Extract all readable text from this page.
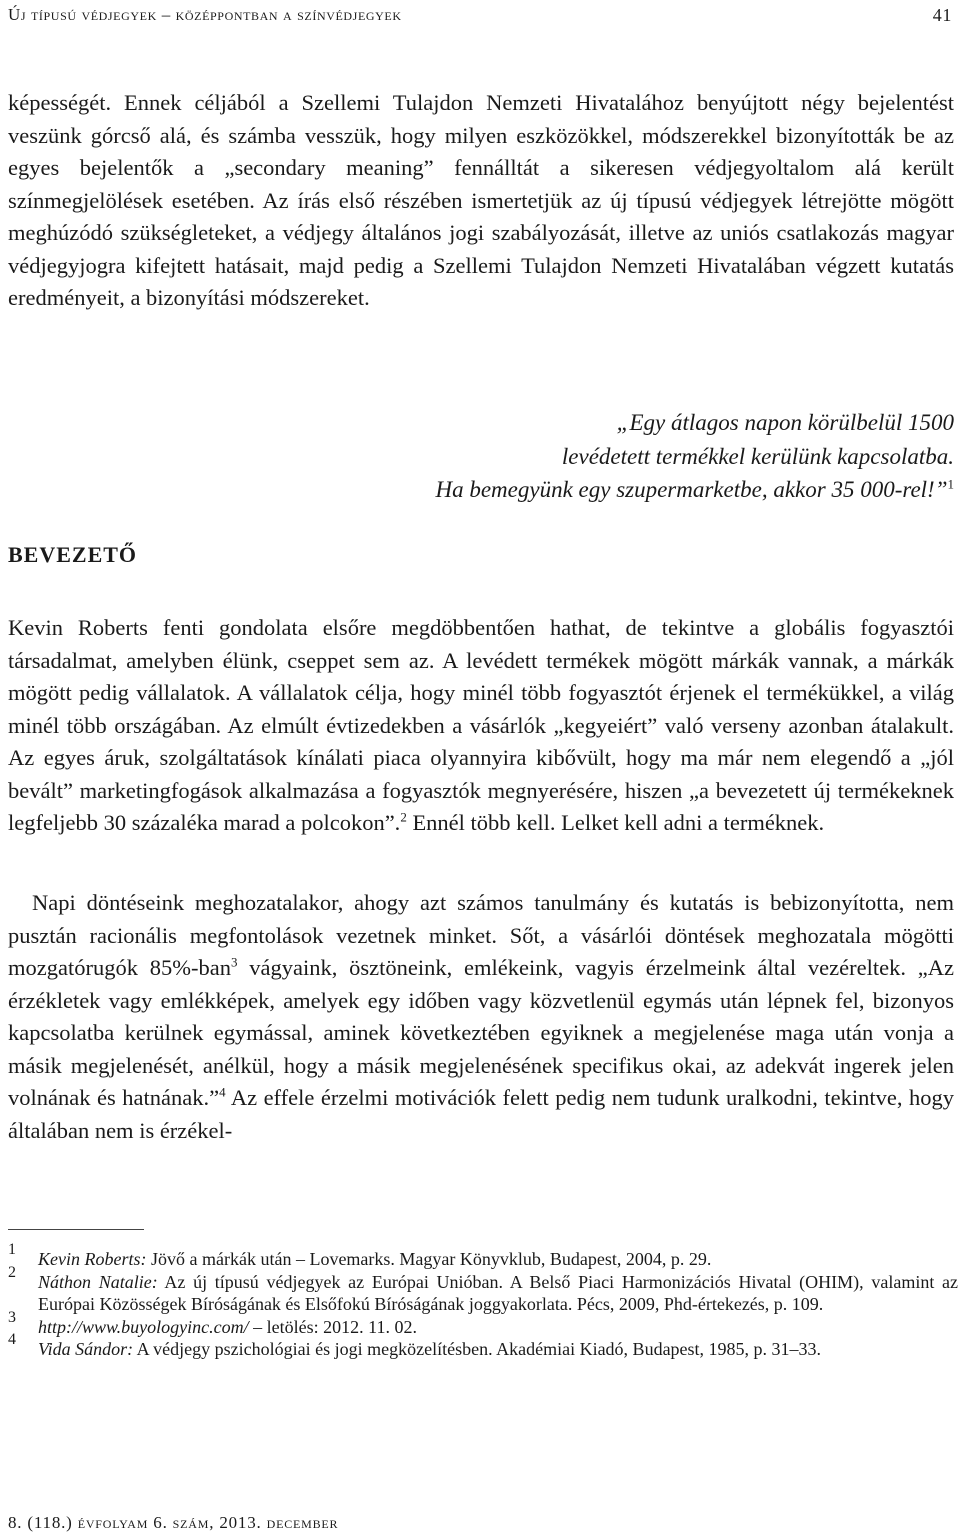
Új típusú védjegyek – középpontban a színvédjegyek	41

képességét. Ennek céljából a Szellemi Tulajdon Nemzeti Hivatalához benyújtott négy bejelentést veszünk górcső alá, és számba vesszük, hogy milyen eszközökkel, módszerekkel bizonyították be az egyes bejelentők a „secondary meaning” fennálltát a sikeresen védjegyoltalom alá került színmegjelölések esetében. Az írás első részében ismertetjük az új típusú védjegyek létrejötte mögött meghúzódó szükségleteket, a védjegy általános jogi szabályozását, illetve az uniós csatlakozás magyar védjegyjogra kifejtett hatásait, majd pedig a Szellemi Tulajdon Nemzeti Hivatalában végzett kutatás eredményeit, a bizonyítási módszereket.

„Egy átlagos napon körülbelül 1500
levédetett termékkel kerülünk kapcsolatba.
Ha bemegyünk egy szupermarketbe, akkor 35 000-rel!”$^1$
BEVEZETŐ

Kevin Roberts fenti gondolata elsőre megdöbbentően hathat, de tekintve a globális fogyasztói társadalmat, amelyben élünk, cseppet sem az. A levédett termékek mögött márkák vannak, a márkák mögött pedig vállalatok. A vállalatok célja, hogy minél több fogyasztót érjenek el termékükkel, a világ minél több országában. Az elmúlt évtizedekben a vásárlók „kegyeiért” való verseny azonban átalakult. Az egyes áruk, szolgáltatások kínálati piaca olyannyira kibővült, hogy ma már nem elegendő a „jól bevált” marketingfogások alkalmazása a fogyasztók megnyerésére, hiszen „a bevezetett új termékeknek legfeljebb 30 százaléka marad a polcokon”.$^2$ Ennél több kell. Lelket kell adni a terméknek.

Napi döntéseink meghozatalakor, ahogy azt számos tanulmány és kutatás is bebizonyította, nem pusztán racionális megfontolások vezetnek minket. Sőt, a vásárlói döntések meghozatala mögötti mozgatórugók 85%-ban$^3$ vágyaink, ösztöneink, emlékeink, vagyis érzelmeink által vezéreltek. „Az érzékletek vagy emlékképek, amelyek egy időben vagy közvetlenül egymás után lépnek fel, bizonyos kapcsolatba kerülnek egymással, aminek következtében egyiknek a megjelenése maga után vonja a másik megjelenését, anélkül, hogy a másik megjelenésének specifikus okai, az adekvát ingerek jelen volnának és hatnának.”$^4$ Az effele érzelmi motivációk felett pedig nem tudunk uralkodni, tekintve, hogy általában nem is érzékel-

1	Kevin Roberts: Jövő a márkák után – Lovemarks. Magyar Könyvklub, Budapest, 2004, p. 29.
2	Náthon Natalie: Az új típusú védjegyek az Európai Unióban. A Belső Piaci Harmonizációs Hivatal (OHIM), valamint az Európai Közösségek Bíróságának és Elsőfokú Bíróságának joggyakorlata. Pécs, 2009, Phd-értekezés, p. 109.
3	http://www.buyologyinc.com/ – letölés: 2012. 11. 02.
4	Vida Sándor: A védjegy pszichológiai és jogi megközelítésben. Akadémiai Kiadó, Budapest, 1985, p. 31–33.
8. (118.) évfolyam 6. szám, 2013. december
